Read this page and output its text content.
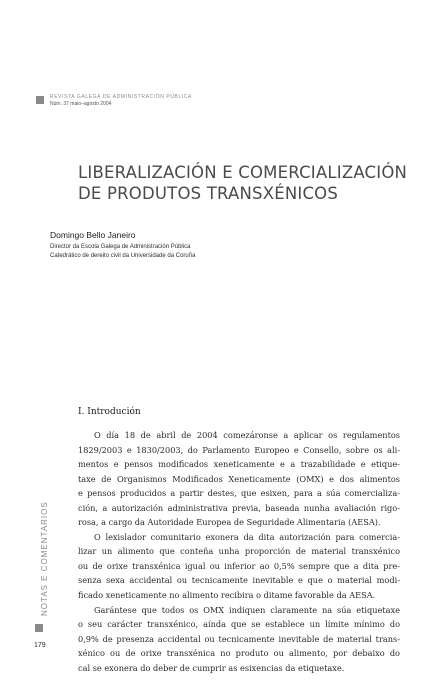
REVISTA GALEGA DE ADMINISTRACIÓN PÚBLICA
Núm. 37 maio–agosto 2004
LIBERALIZACIÓN E COMERCIALIZACIÓN
DE PRODUTOS TRANSXÉNICOS
Domingo Bello Janeiro
Director da Escola Galega de Administración Pública
Catedrático de dereito civil da Universidade da Coruña
I. Introdución
O día 18 de abril de 2004 comezáronse a aplicar os regulamentos
1829/2003 e 1830/2003, do Parlamento Europeo e Consello, sobre os ali-
mentos e pensos modificados xeneticamente e a trazabilidade e etique-
taxe de Organismos Modificados Xeneticamente (OMX) e dos alimentos
e pensos producidos a partir destes, que esixen, para a súa comercializa-
ción, a autorización administrativa previa, baseada nunha avaliación rigo-
rosa, a cargo da Autoridade Europea de Seguridade Alimentaria (AESA).
O lexislador comunitario exonera da dita autorización para comercia-
lizar un alimento que conteña unha proporción de material transxénico
ou de orixe transxénica igual ou inferior ao 0,5% sempre que a dita pre-
senza sexa accidental ou tecnicamente inevitable e que o material modi-
ficado xeneticamente no alimento recibira o ditame favorable da AESA.
Garántese que todos os OMX indiquen claramente na súa etiquetaxe
o seu carácter transxénico, aínda que se establece un límite mínimo do
0,9% de presenza accidental ou tecnicamente inevitable de material trans-
xénico ou de orixe transxénica no produto ou alimento, por debaixo do
cal se exonera do deber de cumprir as esixencias da etiquetaxe.
NOTAS E COMENTARIOS
179
